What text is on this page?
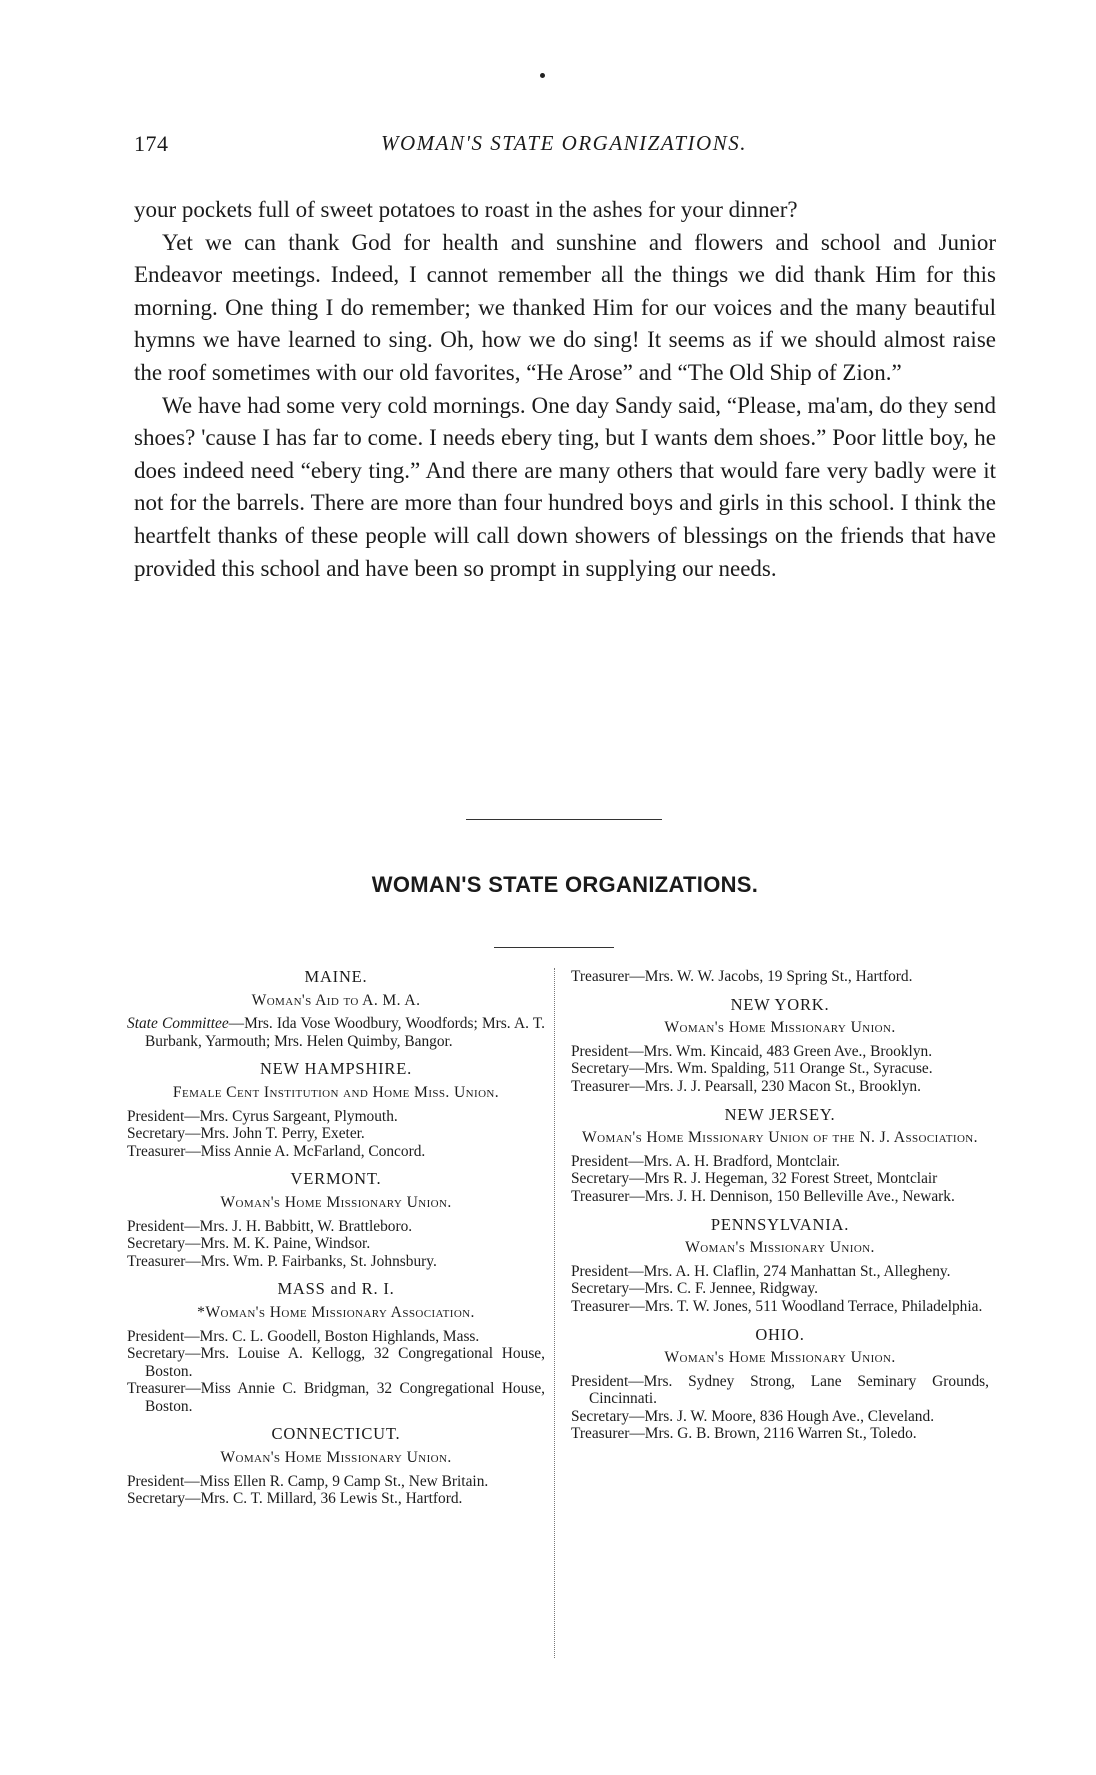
174	WOMAN'S STATE ORGANIZATIONS.

your pockets full of sweet potatoes to roast in the ashes for your dinner?

Yet we can thank God for health and sunshine and flowers and school and Junior Endeavor meetings. Indeed, I cannot remember all the things we did thank Him for this morning. One thing I do remember; we thanked Him for our voices and the many beautiful hymns we have learned to sing. Oh, how we do sing! It seems as if we should almost raise the roof sometimes with our old favorites, “He Arose” and “The Old Ship of Zion.”

We have had some very cold mornings. One day Sandy said, “Please, ma'am, do they send shoes? 'cause I has far to come. I needs ebery ting, but I wants dem shoes.” Poor little boy, he does indeed need “ebery ting.” And there are many others that would fare very badly were it not for the barrels. There are more than four hundred boys and girls in this school. I think the heartfelt thanks of these people will call down showers of blessings on the friends that have provided this school and have been so prompt in supplying our needs.

WOMAN'S STATE ORGANIZATIONS.
MAINE.
Woman's Aid to A. M. A.

State Committee—Mrs. Ida Vose Woodbury, Woodfords; Mrs. A. T. Burbank, Yarmouth; Mrs. Helen Quimby, Bangor.

NEW HAMPSHIRE.
Female Cent Institution and Home Miss. Union.

President—Mrs. Cyrus Sargeant, Plymouth.

Secretary—Mrs. John T. Perry, Exeter.

Treasurer—Miss Annie A. McFarland, Concord.

VERMONT.
Woman's Home Missionary Union.

President—Mrs. J. H. Babbitt, W. Brattleboro.

Secretary—Mrs. M. K. Paine, Windsor.

Treasurer—Mrs. Wm. P. Fairbanks, St. Johnsbury.

MASS and R. I.
*Woman's Home Missionary Association.

President—Mrs. C. L. Goodell, Boston Highlands, Mass.

Secretary—Mrs. Louise A. Kellogg, 32 Congregational House, Boston.

Treasurer—Miss Annie C. Bridgman, 32 Congregational House, Boston.

CONNECTICUT.
Woman's Home Missionary Union.

President—Miss Ellen R. Camp, 9 Camp St., New Britain.

Secretary—Mrs. C. T. Millard, 36 Lewis St., Hartford.

Treasurer—Mrs. W. W. Jacobs, 19 Spring St., Hartford.

NEW YORK.
Woman's Home Missionary Union.

President—Mrs. Wm. Kincaid, 483 Green Ave., Brooklyn.

Secretary—Mrs. Wm. Spalding, 511 Orange St., Syracuse.

Treasurer—Mrs. J. J. Pearsall, 230 Macon St., Brooklyn.

NEW JERSEY.
Woman's Home Missionary Union of the N. J. Association.

President—Mrs. A. H. Bradford, Montclair.

Secretary—Mrs R. J. Hegeman, 32 Forest Street, Montclair

Treasurer—Mrs. J. H. Dennison, 150 Belleville Ave., Newark.

PENNSYLVANIA.
Woman's Missionary Union.

President—Mrs. A. H. Claflin, 274 Manhattan St., Allegheny.

Secretary—Mrs. C. F. Jennee, Ridgway.

Treasurer—Mrs. T. W. Jones, 511 Woodland Terrace, Philadelphia.

OHIO.
Woman's Home Missionary Union.

President—Mrs. Sydney Strong, Lane Seminary Grounds, Cincinnati.

Secretary—Mrs. J. W. Moore, 836 Hough Ave., Cleveland.

Treasurer—Mrs. G. B. Brown, 2116 Warren St., Toledo.
